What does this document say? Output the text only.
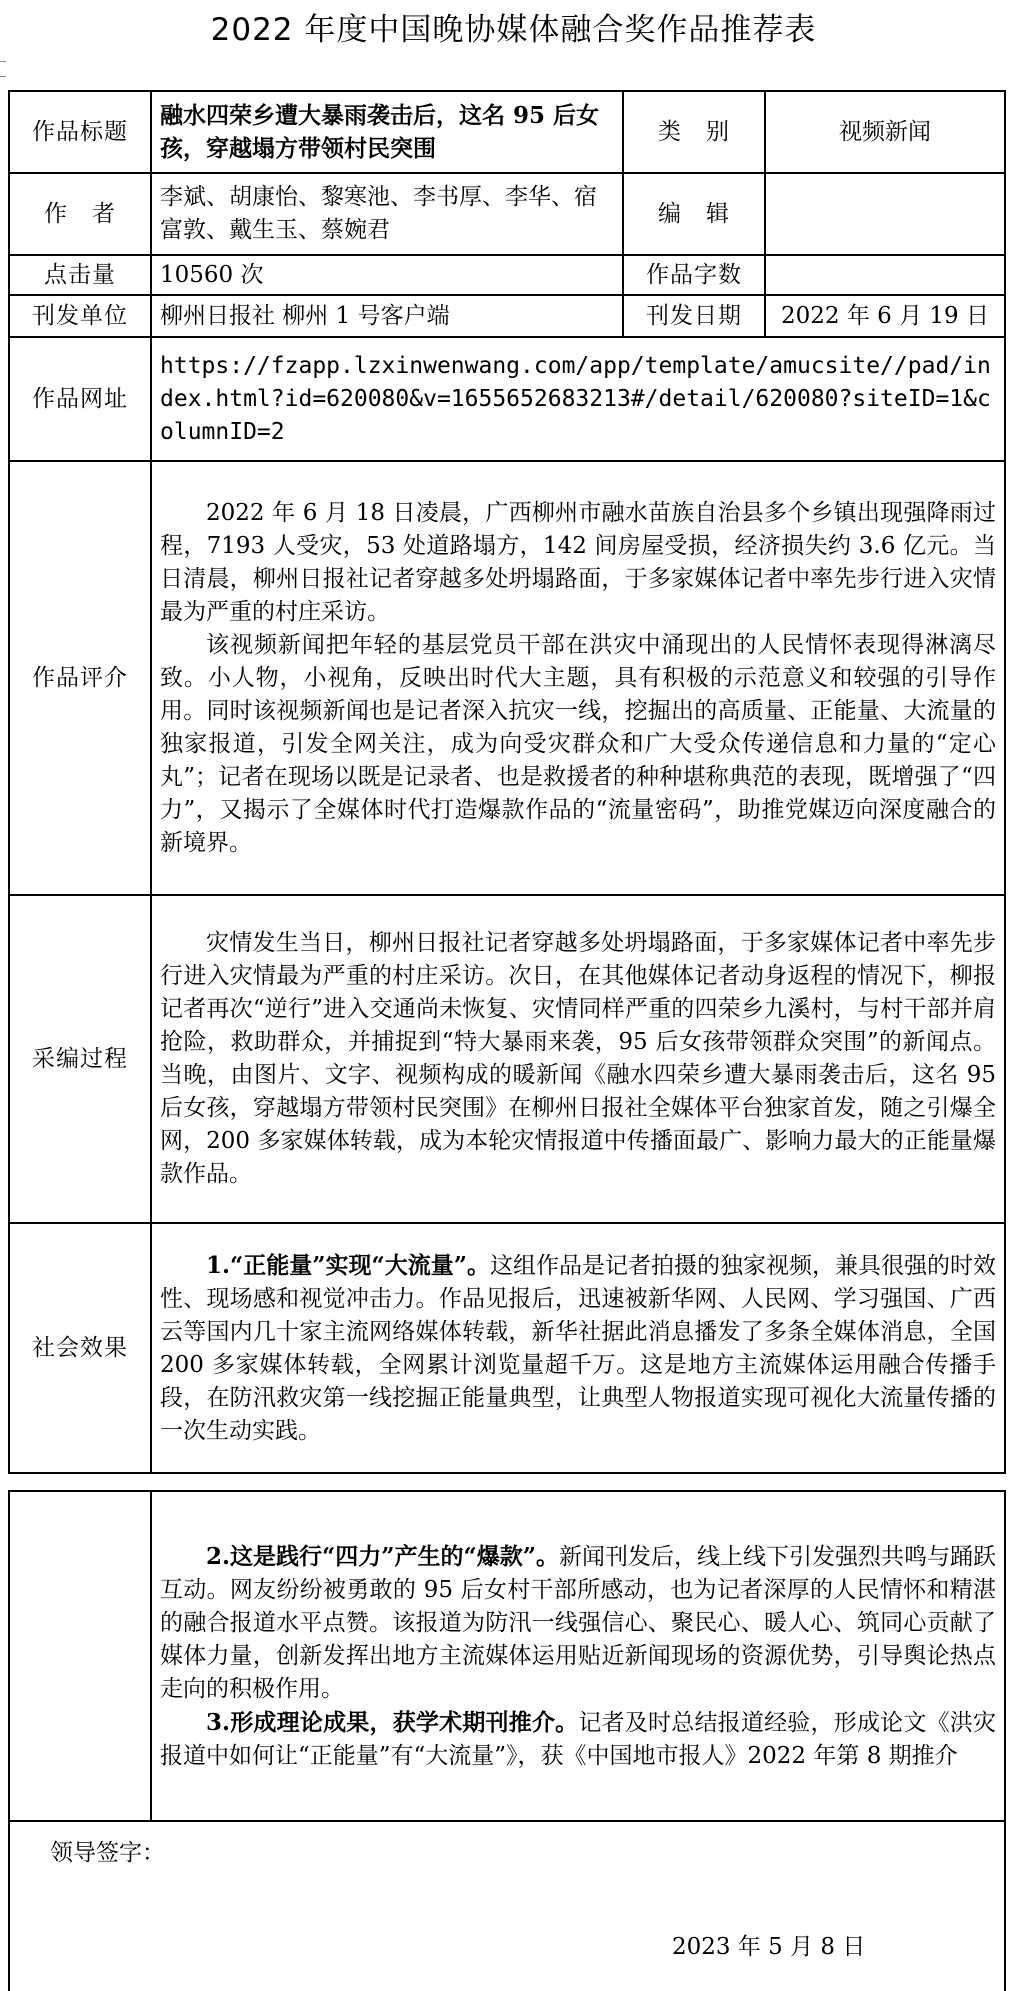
2022 年度中国晚协媒体融合奖作品推荐表
作品标题	融水四荣乡遭大暴雨袭击后，这名 95 后女孩，穿越塌方带领村民突围	类　别	视频新闻
作　者	李斌、胡康怡、黎寒池、李书厚、李华、宿富敦、戴生玉、蔡婉君	编　辑	
点击量	10560 次	作品字数	
刊发单位	柳州日报社 柳州 1 号客户端	刊发日期	2022 年 6 月 19 日
作品网址	https://fzapp.lzxinwenwang.com/app/template/amucsite//pad/index.html?id=620080&v=1655652683213#/detail/620080?siteID=1&columnID=2		
作品评介	2022 年 6 月 18 日凌晨，广西柳州市融水苗族自治县多个乡镇出现强降雨过程，7193 人受灾，53 处道路塌方，142 间房屋受损，经济损失约 3.6 亿元。当日清晨，柳州日报社记者穿越多处坍塌路面，于多家媒体记者中率先步行进入灾情最为严重的村庄采访。

该视频新闻把年轻的基层党员干部在洪灾中涌现出的人民情怀表现得淋漓尽致。小人物，小视角，反映出时代大主题，具有积极的示范意义和较强的引导作用。同时该视频新闻也是记者深入抗灾一线，挖掘出的高质量、正能量、大流量的独家报道，引发全网关注，成为向受灾群众和广大受众传递信息和力量的“定心丸”；记者在现场以既是记录者、也是救援者的种种堪称典范的表现，既增强了“四力”，又揭示了全媒体时代打造爆款作品的“流量密码”，助推党媒迈向深度融合的新境界。		

采编过程	灾情发生当日，柳州日报社记者穿越多处坍塌路面，于多家媒体记者中率先步行进入灾情最为严重的村庄采访。次日，在其他媒体记者动身返程的情况下，柳报记者再次“逆行”进入交通尚未恢复、灾情同样严重的四荣乡九溪村，与村干部并肩抢险，救助群众，并捕捉到“特大暴雨来袭，95 后女孩带领群众突围”的新闻点。当晚，由图片、文字、视频构成的暖新闻《融水四荣乡遭大暴雨袭击后，这名 95 后女孩，穿越塌方带领村民突围》在柳州日报社全媒体平台独家首发，随之引爆全网，200 多家媒体转载，成为本轮灾情报道中传播面最广、影响力最大的正能量爆款作品。		

社会效果	1.“正能量”实现“大流量”。这组作品是记者拍摄的独家视频，兼具很强的时效性、现场感和视觉冲击力。作品见报后，迅速被新华网、人民网、学习强国、广西云等国内几十家主流网络媒体转载，新华社据此消息播发了多条全媒体消息，全国 200 多家媒体转载，全网累计浏览量超千万。这是地方主流媒体运用融合传播手段，在防汛救灾第一线挖掘正能量典型，让典型人物报道实现可视化大流量传播的一次生动实践。		

2.这是践行“四力”产生的“爆款”。新闻刊发后，线上线下引发强烈共鸣与踊跃互动。网友纷纷被勇敢的 95 后女村干部所感动，也为记者深厚的人民情怀和精湛的融合报道水平点赞。该报道为防汛一线强信心、聚民心、暖人心、筑同心贡献了媒体力量，创新发挥出地方主流媒体运用贴近新闻现场的资源优势，引导舆论热点走向的积极作用。

3.形成理论成果，获学术期刊推介。记者及时总结报道经验，形成论文《洪灾报道中如何让“正能量”有“大流量”》，获《中国地市报人》2022 年第 8 期推介

领导签字：
2023 年 5 月 8 日
